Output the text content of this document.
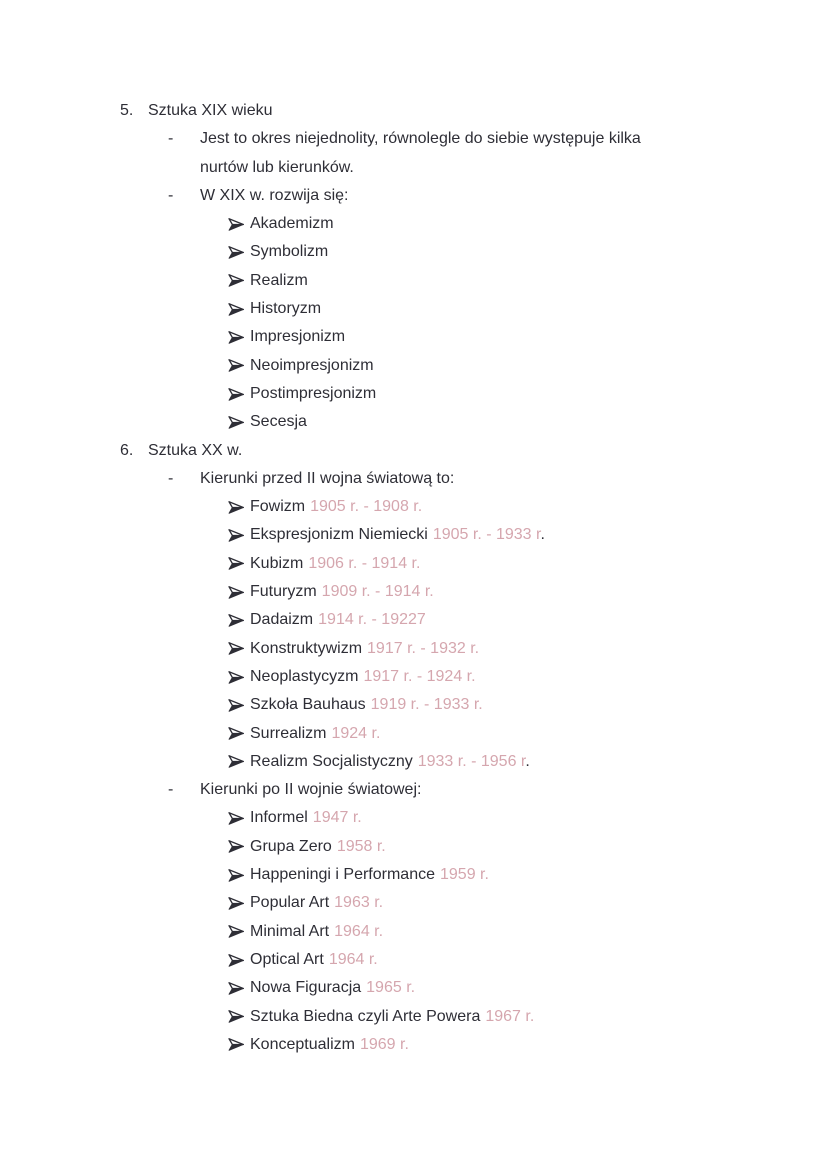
5. Sztuka XIX wieku
-	Jest to okres niejednolity, równolegle do siebie występuje kilka
nurtów lub kierunków.
-	W XIX w. rozwija się:
Akademizm
Symbolizm
Realizm
Historyzm
Impresjonizm
Neoimpresjonizm
Postimpresjonizm
Secesja
6. Sztuka XX w.
-	Kierunki przed II wojna światową to:
Fowizm 1905 r. - 1908 r.
Ekspresjonizm Niemiecki 1905 r. - 1933 r.
Kubizm 1906 r. - 1914 r.
Futuryzm 1909 r. - 1914 r.
Dadaizm 1914 r. - 19227
Konstruktywizm 1917 r. - 1932 r.
Neoplastycyzm 1917 r. - 1924 r.
Szkoła Bauhaus 1919 r. - 1933 r.
Surrealizm 1924 r.
Realizm Socjalistyczny 1933 r. - 1956 r.
-	Kierunki po II wojnie światowej:
Informel 1947 r.
Grupa Zero 1958 r.
Happeningi i Performance 1959 r.
Popular Art 1963 r.
Minimal Art 1964 r.
Optical Art 1964 r.
Nowa Figuracja 1965 r.
Sztuka Biedna czyli Arte Powera 1967 r.
Konceptualizm 1969 r.
